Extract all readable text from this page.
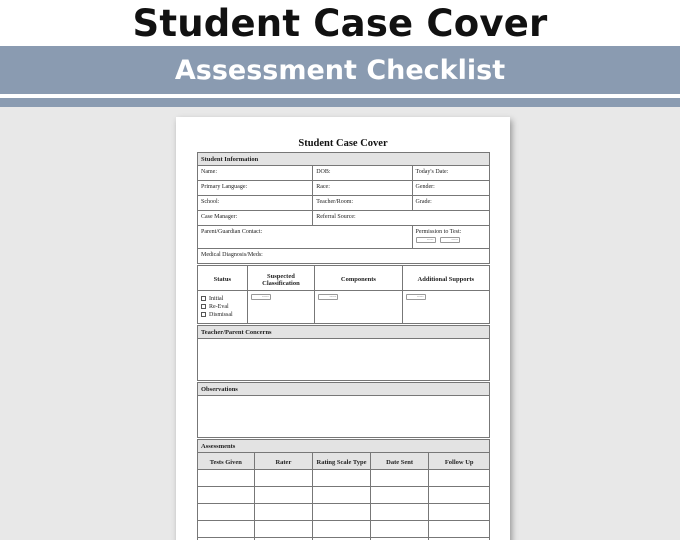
Student Case Cover
Assessment Checklist
Student Case Cover
Student Information
Name:	DOB:	Today's Date:
Primary Language:	Race:	Gender:
School:	Teacher/Room:	Grade:
Case Manager:	Referral Source:
Parent/Guardian Contact:	Permission to Test:
-----	-----
Medical Diagnosis/Meds:
Status	Suspected Classification	Components	Additional Supports
Initial
Re-Eval
Dismissal
-----	-----	-----
Teacher/Parent Concerns
Observations
Assessments
Tests Given	Rater	Rating Scale Type	Date Sent	Follow Up
